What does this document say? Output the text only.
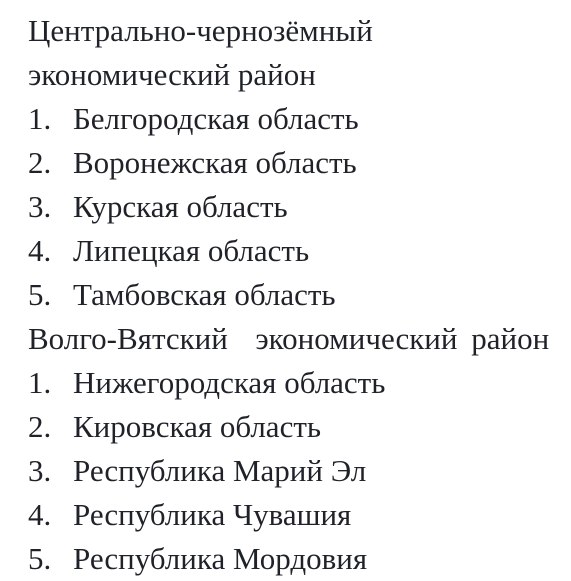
Центрально-чернозёмный
экономический район
1. Белгородская область
2. Воронежская область
3. Курская область
4. Липецкая область
5. Тамбовская область
Волго-Вятский  экономический район
1. Нижегородская область
2. Кировская область
3. Республика Марий Эл
4. Республика Чувашия
5. Республика Мордовия
